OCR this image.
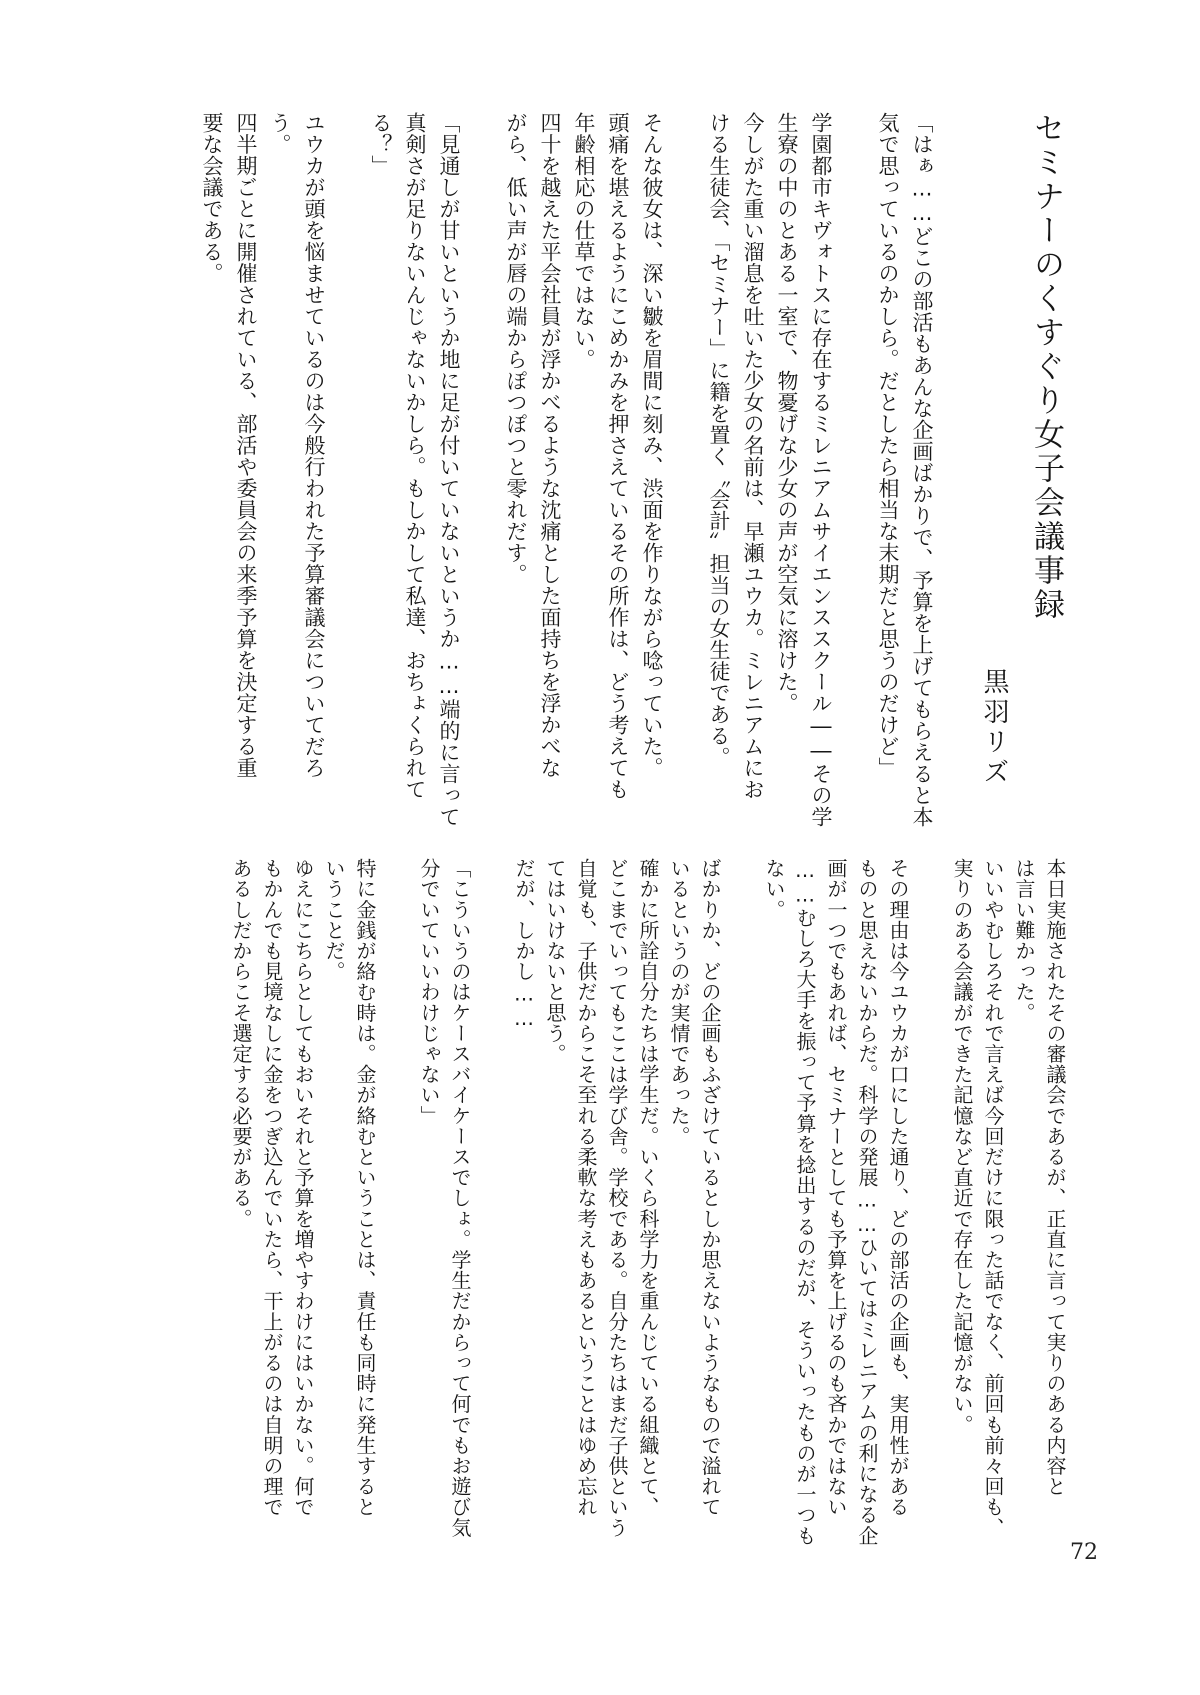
セミナーのくすぐり女子会議事録

黒羽リズ

「はぁ……どこの部活もあんな企画ばかりで、予算を上げてもらえると本

気で思っているのかしら。だとしたら相当な末期だと思うのだけど」

学園都市キヴォトスに存在するミレニアムサイエンススクール――その学

生寮の中のとある一室で、物憂げな少女の声が空気に溶けた。

今しがた重い溜息を吐いた少女の名前は、早瀬ユウカ。ミレニアムにお

ける生徒会、「セミナー」に籍を置く〝会計〟担当の女生徒である。

そんな彼女は、深い皺を眉間に刻み、渋面を作りながら唸っていた。

頭痛を堪えるようにこめかみを押さえているその所作は、どう考えても

年齢相応の仕草ではない。

四十を越えた平会社員が浮かべるような沈痛とした面持ちを浮かべな

がら、低い声が唇の端からぽつぽつと零れだす。

「見通しが甘いというか地に足が付いていないというか……端的に言って

真剣さが足りないんじゃないかしら。もしかして私達、おちょくられて

る？」

ユウカが頭を悩ませているのは今般行われた予算審議会についてだろ

う。

四半期ごとに開催されている、部活や委員会の来季予算を決定する重

要な会議である。

本日実施されたその審議会であるが、正直に言って実りのある内容と

は言い難かった。

いいやむしろそれで言えば今回だけに限った話でなく、前回も前々回も、

実りのある会議ができた記憶など直近で存在した記憶がない。

その理由は今ユウカが口にした通り、どの部活の企画も、実用性がある

ものと思えないからだ。科学の発展……ひいてはミレニアムの利になる企

画が一つでもあれば、セミナーとしても予算を上げるのも吝かではない

……むしろ大手を振って予算を捻出するのだが、そういったものが一つも

ない。

ばかりか、どの企画もふざけているとしか思えないようなもので溢れて

いるというのが実情であった。

確かに所詮自分たちは学生だ。いくら科学力を重んじている組織とて、

どこまでいってもここは学び舎。学校である。自分たちはまだ子供という

自覚も、子供だからこそ至れる柔軟な考えもあるということはゆめ忘れ

てはいけないと思う。

だが、しかし……

「こういうのはケースバイケースでしょ。学生だからって何でもお遊び気

分でいていいわけじゃない」

特に金銭が絡む時は。金が絡むということは、責任も同時に発生すると

いうことだ。

ゆえにこちらとしてもおいそれと予算を増やすわけにはいかない。何で

もかんでも見境なしに金をつぎ込んでいたら、干上がるのは自明の理で

あるしだからこそ選定する必要がある。

72
